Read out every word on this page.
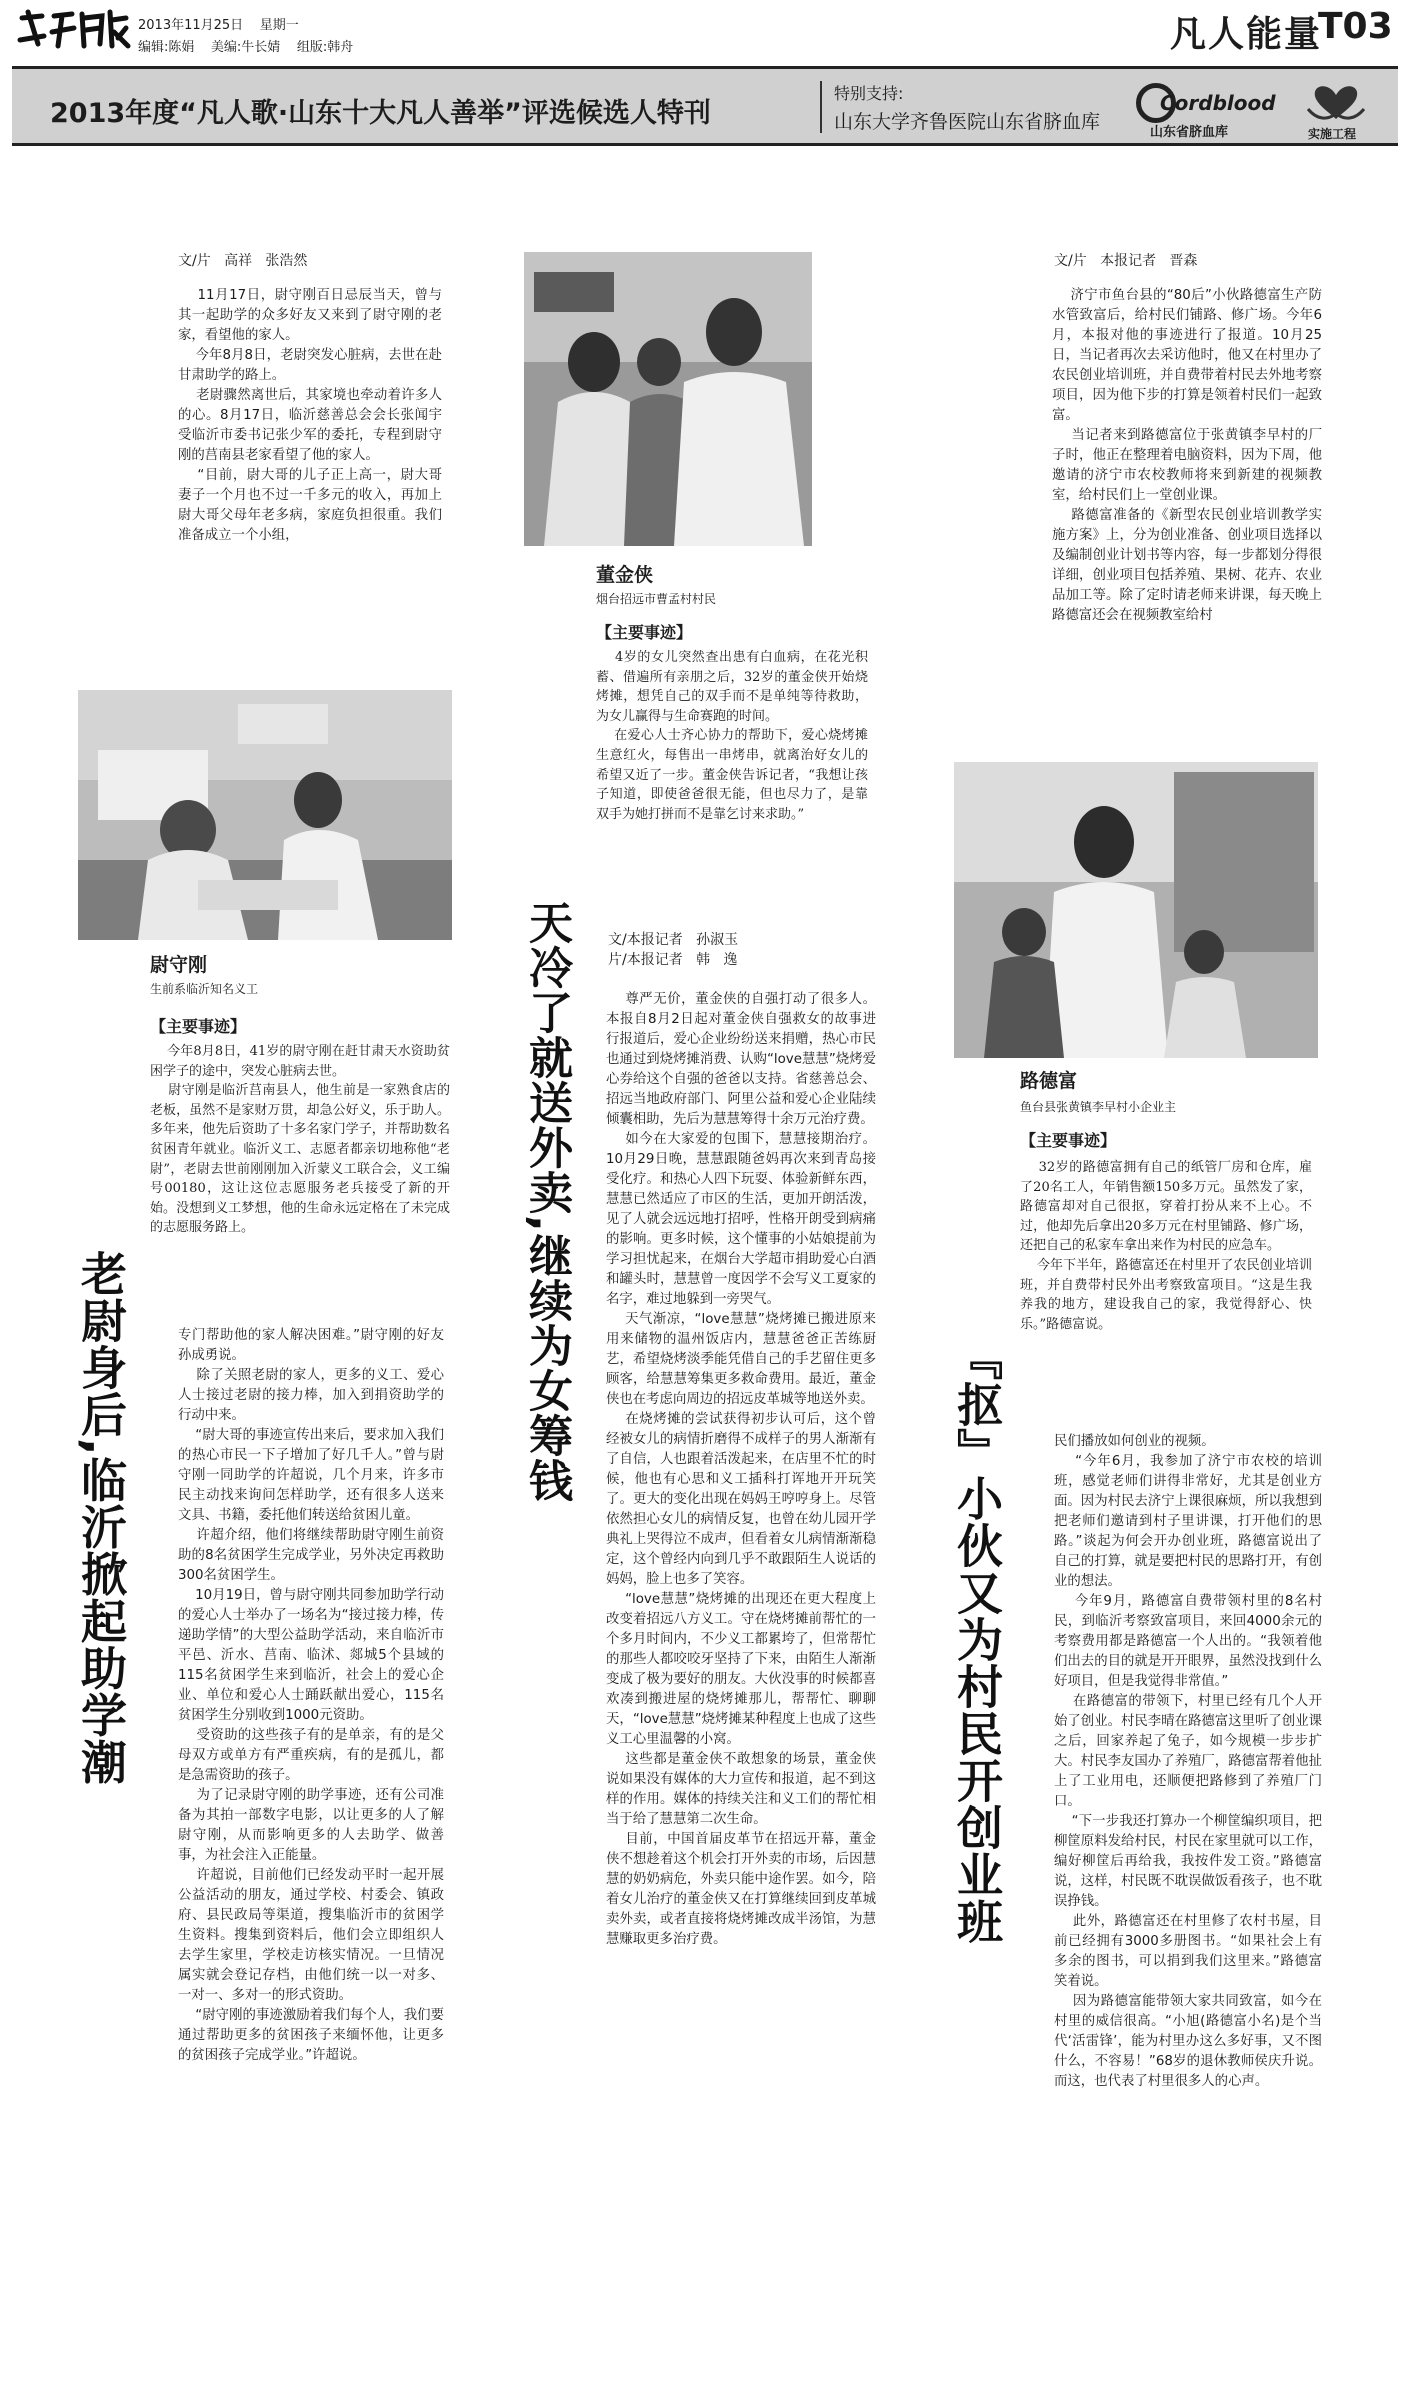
2013年11月25日    星期一
编辑:陈娟    美编:牛长婧    组版:韩舟	凡人能量
T03
2013年度“凡人歌·山东十大凡人善举”评选候选人特刊
特别支持:
山东大学齐鲁医院山东省脐血库
Cordblood
山东省脐血库	实施工程
文/片   高祥   张浩然
11月17日，尉守刚百日忌辰当天，曾与其一起助学的众多好友又来到了尉守刚的老家，看望他的家人。
今年8月8日，老尉突发心脏病，去世在赴甘肃助学的路上。
老尉骤然离世后，其家境也牵动着许多人的心。8月17日，临沂慈善总会会长张闻宇受临沂市委书记张少军的委托，专程到尉守刚的莒南县老家看望了他的家人。
“目前，尉大哥的儿子正上高一，尉大哥妻子一个月也不过一千多元的收入，再加上尉大哥父母年老多病，家庭负担很重。我们准备成立一个小组，
尉守刚
生前系临沂知名义工
【主要事迹】
今年8月8日，41岁的尉守刚在赶甘肃天水资助贫困学子的途中，突发心脏病去世。
尉守刚是临沂莒南县人，他生前是一家熟食店的老板，虽然不是家财万贯，却急公好义，乐于助人。多年来，他先后资助了十多名家门学子，并帮助数名贫困青年就业。临沂义工、志愿者都亲切地称他“老尉”，老尉去世前刚刚加入沂蒙义工联合会，义工编号00180，这让这位志愿服务老兵接受了新的开始。没想到义工梦想，他的生命永远定格在了未完成的志愿服务路上。
老尉身后,临沂掀起助学潮	专门帮助他的家人解决困难。”尉守刚的好友孙成勇说。
除了关照老尉的家人，更多的义工、爱心人士接过老尉的接力棒，加入到捐资助学的行动中来。
“尉大哥的事迹宣传出来后，要求加入我们的热心市民一下子增加了好几千人。”曾与尉守刚一同助学的许超说，几个月来，许多市民主动找来询问怎样助学，还有很多人送来文具、书籍，委托他们转送给贫困儿童。
许超介绍，他们将继续帮助尉守刚生前资助的8名贫困学生完成学业，另外决定再救助300名贫困学生。
10月19日，曾与尉守刚共同参加助学行动的爱心人士举办了一场名为“接过接力棒，传递助学情”的大型公益助学活动，来自临沂市平邑、沂水、莒南、临沭、郯城5个县域的115名贫困学生来到临沂，社会上的爱心企业、单位和爱心人士踊跃献出爱心，115名贫困学生分别收到1000元资助。
受资助的这些孩子有的是单亲，有的是父母双方或单方有严重疾病，有的是孤儿，都是急需资助的孩子。
为了记录尉守刚的助学事迹，还有公司准备为其拍一部数字电影，以让更多的人了解尉守刚，从而影响更多的人去助学、做善事，为社会注入正能量。
许超说，目前他们已经发动平时一起开展公益活动的朋友，通过学校、村委会、镇政府、县民政局等渠道，搜集临沂市的贫困学生资料。搜集到资料后，他们会立即组织人去学生家里，学校走访核实情况。一旦情况属实就会登记存档，由他们统一以一对多、一对一、多对一的形式资助。
“尉守刚的事迹激励着我们每个人，我们要通过帮助更多的贫困孩子来缅怀他，让更多的贫困孩子完成学业。”许超说。
董金侠
烟台招远市曹孟村村民
【主要事迹】
4岁的女儿突然查出患有白血病，在花光积蓄、借遍所有亲朋之后，32岁的董金侠开始烧烤摊，想凭自己的双手而不是单纯等待救助，为女儿赢得与生命赛跑的时间。
在爱心人士齐心协力的帮助下，爱心烧烤摊生意红火，每售出一串烤串，就离治好女儿的希望又近了一步。董金侠告诉记者，“我想让孩子知道，即使爸爸很无能，但也尽力了，是靠双手为她打拼而不是靠乞讨来求助。”
天冷了就送外卖,继续为女筹钱	文/本报记者   孙淑玉
片/本报记者   韩   逸
尊严无价，董金侠的自强打动了很多人。本报自8月2日起对董金侠自强救女的故事进行报道后，爱心企业纷纷送来捐赠，热心市民也通过到烧烤摊消费、认购“love慧慧”烧烤爱心券给这个自强的爸爸以支持。省慈善总会、招远当地政府部门、阿里公益和爱心企业陆续倾囊相助，先后为慧慧筹得十余万元治疗费。
如今在大家爱的包围下，慧慧接期治疗。10月29日晚，慧慧跟随爸妈再次来到青岛接受化疗。和热心人四下玩耍、体验新鲜东西，慧慧已然适应了市区的生活，更加开朗活泼，见了人就会远远地打招呼，性格开朗受到病痛的影响。更多时候，这个懂事的小姑娘提前为学习担忧起来，在烟台大学超市捐助爱心白酒和罐头时，慧慧曾一度因学不会写义工夏家的名字，难过地躲到一旁哭气。
天气渐凉，“love慧慧”烧烤摊已搬进原来用来储物的温州饭店内，慧慧爸爸正苦练厨艺，希望烧烤淡季能凭借自己的手艺留住更多顾客，给慧慧筹集更多救命费用。最近，董金侠也在考虑向周边的招远皮革城等地送外卖。
在烧烤摊的尝试获得初步认可后，这个曾经被女儿的病情折磨得不成样子的男人渐渐有了自信，人也跟着活泼起来，在店里不忙的时候，他也有心思和义工插科打诨地开开玩笑了。更大的变化出现在妈妈王哼哼身上。尽管依然担心女儿的病情反复，也曾在幼儿园开学典礼上哭得泣不成声，但看着女儿病情渐渐稳定，这个曾经内向到几乎不敢跟陌生人说话的妈妈，脸上也多了笑容。
“love慧慧”烧烤摊的出现还在更大程度上改变着招远八方义工。守在烧烤摊前帮忙的一个多月时间内，不少义工都累垮了，但常帮忙的那些人都咬咬牙坚持了下来，由陌生人渐渐变成了极为要好的朋友。大伙没事的时候都喜欢凑到搬进屋的烧烤摊那儿，帮帮忙、聊聊天，“love慧慧”烧烤摊某种程度上也成了这些义工心里温馨的小窝。
这些都是董金侠不敢想象的场景，董金侠说如果没有媒体的大力宣传和报道，起不到这样的作用。媒体的持续关注和义工们的帮忙相当于给了慧慧第二次生命。
目前，中国首届皮革节在招远开幕，董金侠不想趁着这个机会打开外卖的市场，后因慧慧的奶奶病危，外卖只能中途作罢。如今，陪着女儿治疗的董金侠又在打算继续回到皮革城卖外卖，或者直接将烧烤摊改成半汤馆，为慧慧赚取更多治疗费。
文/片   本报记者   晋森
济宁市鱼台县的“80后”小伙路德富生产防水管致富后，给村民们铺路、修广场。今年6月，本报对他的事迹进行了报道。10月25日，当记者再次去采访他时，他又在村里办了农民创业培训班，并自费带着村民去外地考察项目，因为他下步的打算是领着村民们一起致富。
当记者来到路德富位于张黄镇李早村的厂子时，他正在整理着电脑资料，因为下周，他邀请的济宁市农校教师将来到新建的视频教室，给村民们上一堂创业课。
路德富准备的《新型农民创业培训教学实施方案》上，分为创业准备、创业项目选择以及编制创业计划书等内容，每一步都划分得很详细，创业项目包括养殖、果树、花卉、农业品加工等。除了定时请老师来讲课，每天晚上路德富还会在视频教室给村
路德富
鱼台县张黄镇李早村小企业主
【主要事迹】
32岁的路德富拥有自己的纸管厂房和仓库，雇了20名工人，年销售额150多万元。虽然发了家，路德富却对自己很抠，穿着打扮从来不上心。不过，他却先后拿出20多万元在村里铺路、修广场，还把自己的私家车拿出来作为村民的应急车。
今年下半年，路德富还在村里开了农民创业培训班，并自费带村民外出考察致富项目。“这是生我养我的地方，建设我自己的家，我觉得舒心、快乐。”路德富说。
『抠』小伙又为村民开创业班	民们播放如何创业的视频。
“今年6月，我参加了济宁市农校的培训班，感觉老师们讲得非常好，尤其是创业方面。因为村民去济宁上课很麻烦，所以我想到把老师们邀请到村子里讲课，打开他们的思路。”谈起为何会开办创业班，路德富说出了自己的打算，就是要把村民的思路打开，有创业的想法。
今年9月，路德富自费带领村里的8名村民，到临沂考察致富项目，来回4000余元的考察费用都是路德富一个人出的。“我领着他们出去的目的就是开开眼界，虽然没找到什么好项目，但是我觉得非常值。”
在路德富的带领下，村里已经有几个人开始了创业。村民李晴在路德富这里听了创业课之后，回家养起了兔子，如今规模一步步扩大。村民李友国办了养殖厂，路德富帮着他扯上了工业用电，还顺便把路修到了养殖厂门口。
“下一步我还打算办一个柳筐编织项目，把柳筐原料发给村民，村民在家里就可以工作，编好柳筐后再给我，我按件发工资。”路德富说，这样，村民既不耽误做饭看孩子，也不耽误挣钱。
此外，路德富还在村里修了农村书屋，目前已经拥有3000多册图书。“如果社会上有多余的图书，可以捐到我们这里来。”路德富笑着说。
因为路德富能带领大家共同致富，如今在村里的威信很高。“小旭(路德富小名)是个当代‘活雷锋’，能为村里办这么多好事，又不图什么，不容易！”68岁的退休教师侯庆升说。而这，也代表了村里很多人的心声。
